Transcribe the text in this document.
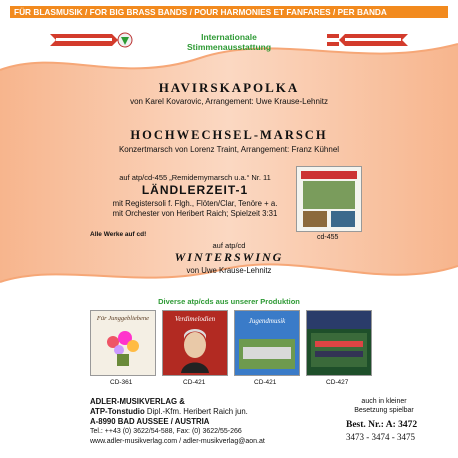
FÜR BLASMUSIK / FOR BIG BRASS BANDS / POUR HARMONIES ET FANFARES / PER BANDA
Internationale
Stimmenausstattung
HAVIRSKAPOLKA
von Karel Kovarovic, Arrangement: Uwe Krause-Lehnitz
HOCHWECHSEL-MARSCH
Konzertmarsch von Lorenz Traint, Arrangement: Franz Kühnel
auf atp/cd-455 „Remidemymarsch u.a.“ Nr. 11
LÄNDLERZEIT-1
mit Registersoli f. Flgh., Flöten/Clar, Tenöre + a.
mit Orchester von Heribert Raich; Spielzeit 3:31
cd-455
Alle Werke auf cd!
auf atp/cd
WINTERSWING
von Uwe Krause-Lehnitz
Diverse atp/cds aus unserer Produktion
Für Junggebliebene
CD-361
Verdimelodien
CD-421
Jugendmusik
CD-421	CD-427
ADLER-MUSIKVERLAG &
ATP-Tonstudio Dipl.-Kfm. Heribert Raich jun.
A-8990 BAD AUSSEE / AUSTRIA
Tel.: ++43 (0) 3622/54-588, Fax: (0) 3622/55-266
www.adler-musikverlag.com / adler-musikverlag@aon.at
auch in kleiner
Besetzung spielbar
Best. Nr.: A: 3472
3473 - 3474 - 3475
